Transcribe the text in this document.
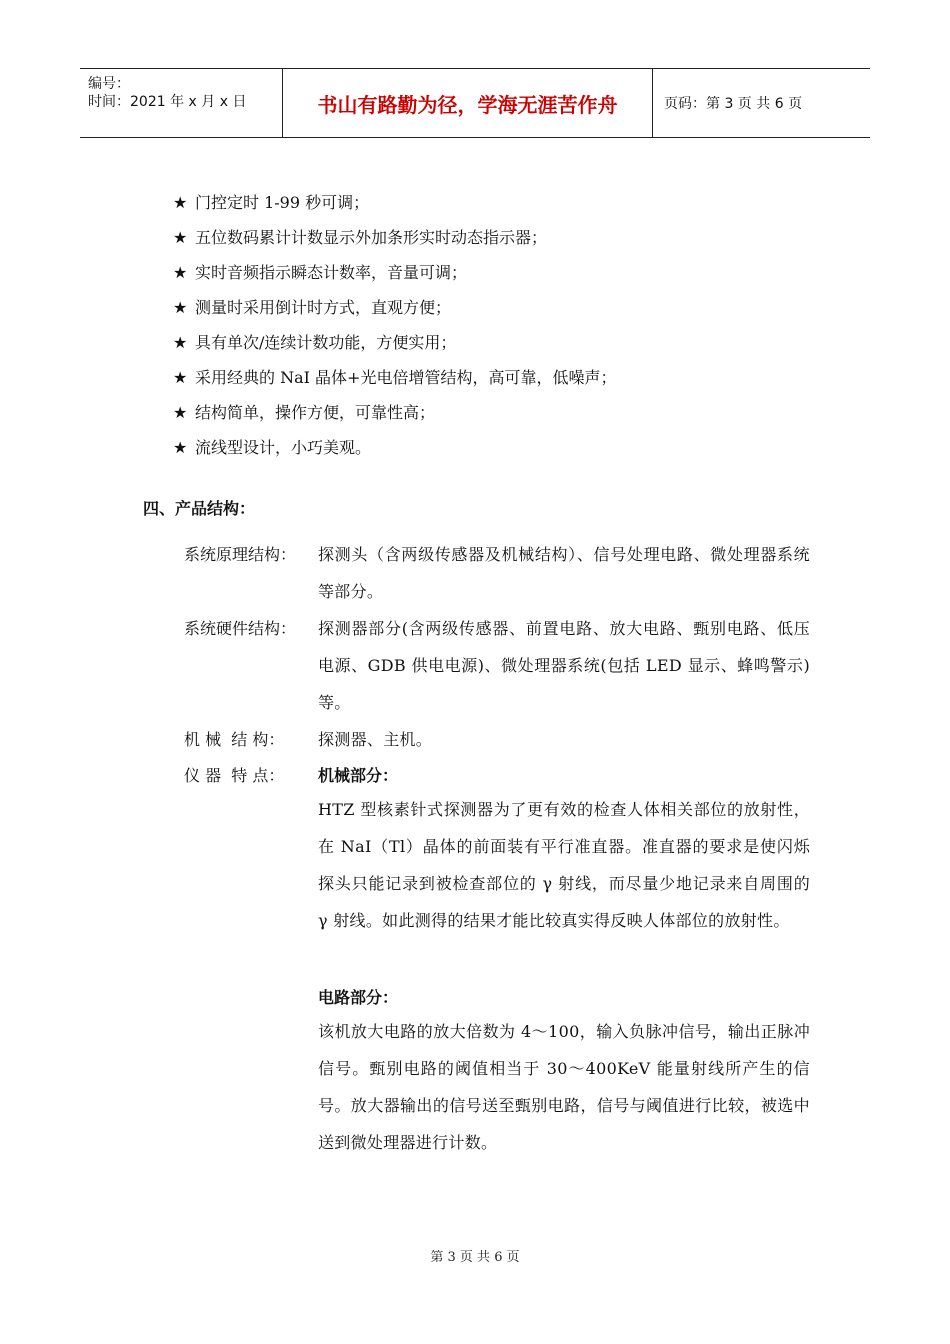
编号：
时间：2021 年 x 月 x 日	书山有路勤为径，学海无涯苦作舟	页码：第 3 页 共 6 页
★ 门控定时 1-99 秒可调；
★ 五位数码累计计数显示外加条形实时动态指示器；
★ 实时音频指示瞬态计数率，音量可调；
★ 测量时采用倒计时方式，直观方便；
★ 具有单次/连续计数功能，方便实用；
★ 采用经典的 NaI 晶体+光电倍增管结构，高可靠，低噪声；
★ 结构简单，操作方便，可靠性高；
★ 流线型设计，小巧美观。
四、产品结构：
系统原理结构： 探测头（含两级传感器及机械结构）、信号处理电路、微处理器系统等部分。
系统硬件结构： 探测器部分(含两级传感器、前置电路、放大电路、甄别电路、低压电源、GDB 供电电源)、微处理器系统(包括 LED 显示、蜂鸣警示)等。
机 械  结 构： 探测器、主机。
仪 器  特 点： 机械部分：
HTZ 型核素针式探测器为了更有效的检查人体相关部位的放射性，在 NaI（Tl）晶体的前面装有平行准直器。准直器的要求是使闪烁探头只能记录到被检查部位的 γ 射线，而尽量少地记录来自周围的 γ 射线。如此测得的结果才能比较真实得反映人体部位的放射性。
电路部分：
该机放大电路的放大倍数为 4～100，输入负脉冲信号，输出正脉冲信号。甄别电路的阈值相当于 30～400KeV 能量射线所产生的信号。放大器输出的信号送至甄别电路，信号与阈值进行比较，被选中送到微处理器进行计数。
第 3 页 共 6 页
